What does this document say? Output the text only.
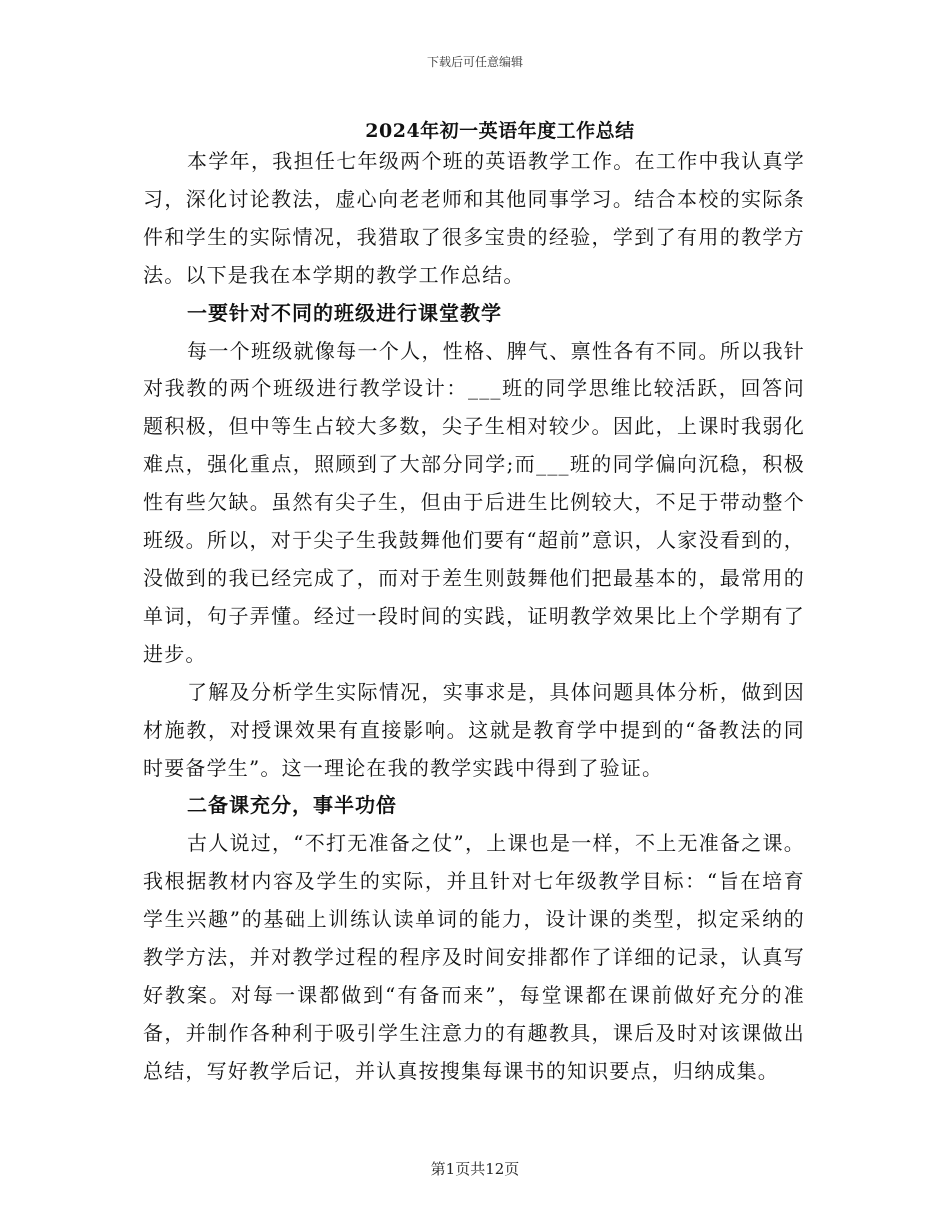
下载后可任意编辑
2024年初一英语年度工作总结

本学年，我担任七年级两个班的英语教学工作。在工作中我认真学习，深化讨论教法，虚心向老老师和其他同事学习。结合本校的实际条件和学生的实际情况，我猎取了很多宝贵的经验，学到了有用的教学方法。以下是我在本学期的教学工作总结。

一要针对不同的班级进行课堂教学

每一个班级就像每一个人，性格、脾气、禀性各有不同。所以我针对我教的两个班级进行教学设计：___班的同学思维比较活跃，回答问题积极，但中等生占较大多数，尖子生相对较少。因此，上课时我弱化难点，强化重点，照顾到了大部分同学;而___班的同学偏向沉稳，积极性有些欠缺。虽然有尖子生，但由于后进生比例较大，不足于带动整个班级。所以，对于尖子生我鼓舞他们要有“超前”意识，人家没看到的，没做到的我已经完成了，而对于差生则鼓舞他们把最基本的，最常用的单词，句子弄懂。经过一段时间的实践，证明教学效果比上个学期有了进步。

了解及分析学生实际情况，实事求是，具体问题具体分析，做到因材施教，对授课效果有直接影响。这就是教育学中提到的“备教法的同时要备学生”。这一理论在我的教学实践中得到了验证。

二备课充分，事半功倍

古人说过，“不打无准备之仗”，上课也是一样，不上无准备之课。我根据教材内容及学生的实际，并且针对七年级教学目标：“旨在培育学生兴趣”的基础上训练认读单词的能力，设计课的类型，拟定采纳的教学方法，并对教学过程的程序及时间安排都作了详细的记录，认真写好教案。对每一课都做到“有备而来”，每堂课都在课前做好充分的准备，并制作各种利于吸引学生注意力的有趣教具，课后及时对该课做出总结，写好教学后记，并认真按搜集每课书的知识要点，归纳成集。

第1页共12页
